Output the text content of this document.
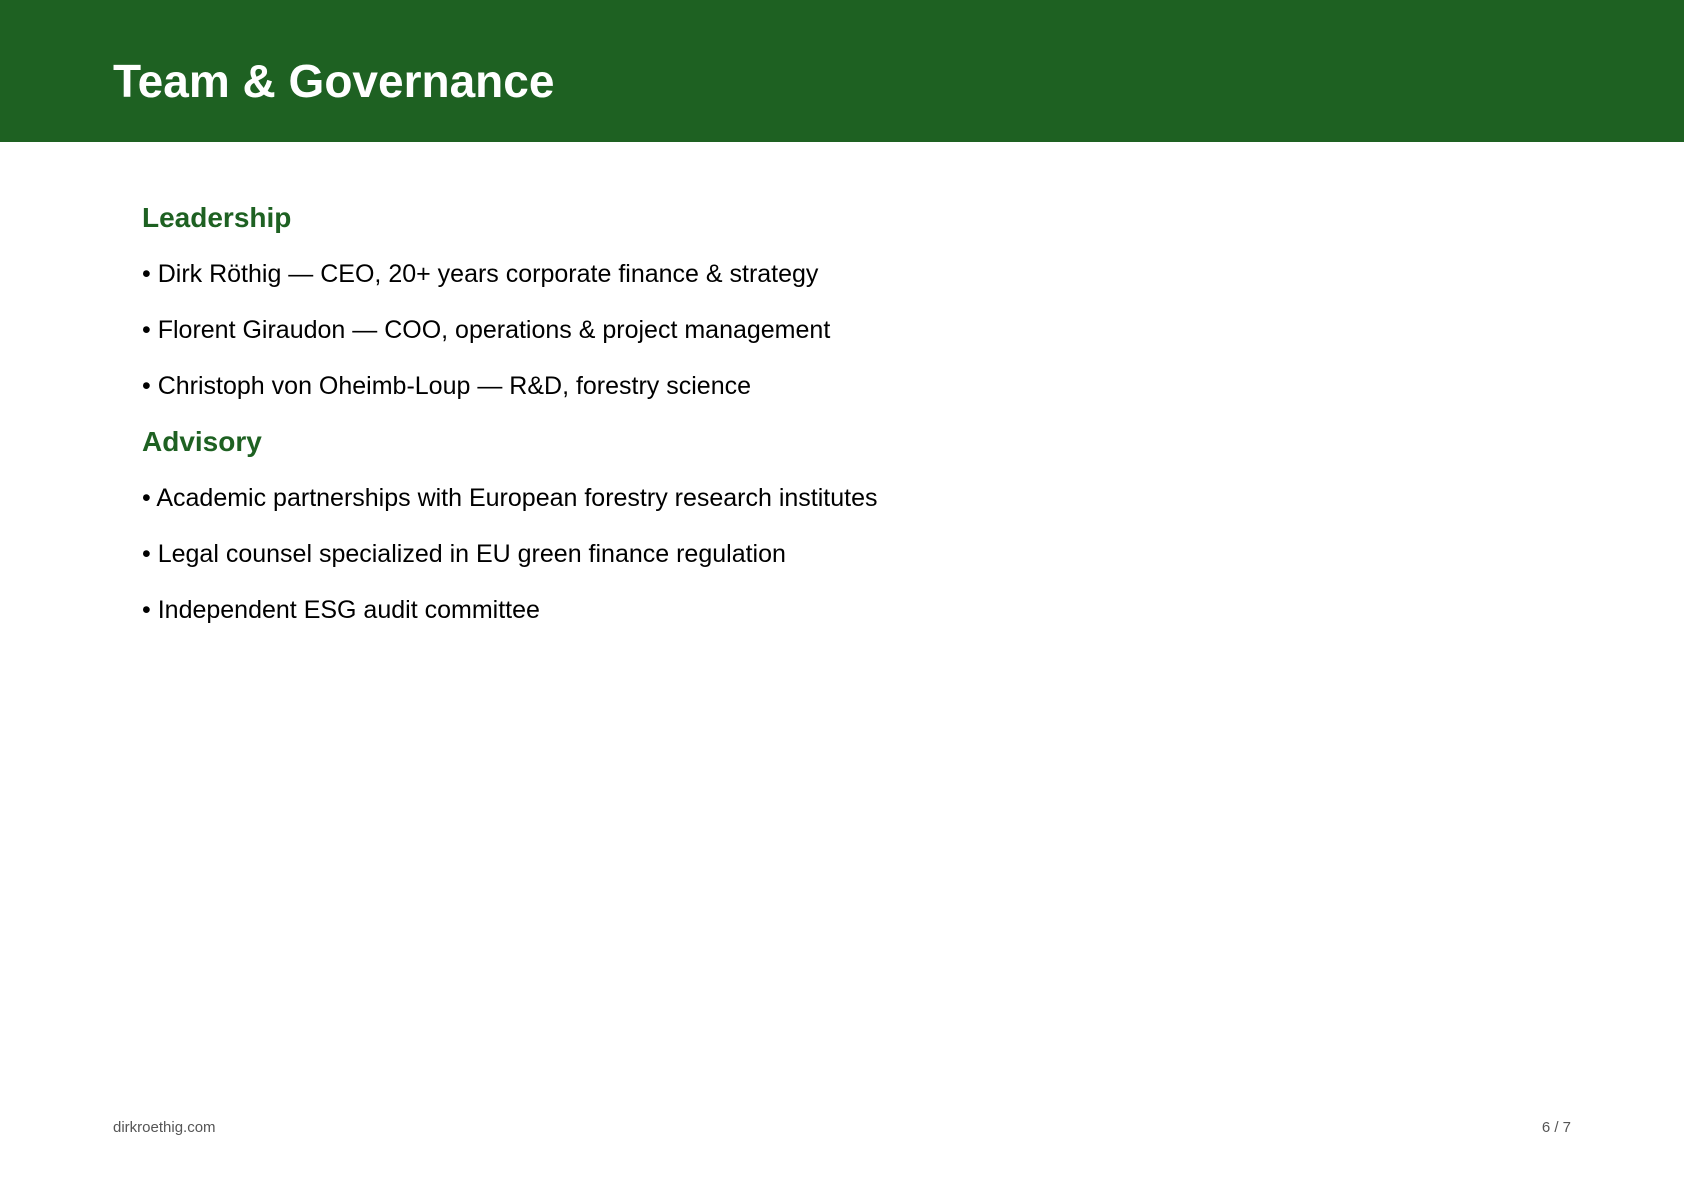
Team & Governance
Leadership
• Dirk Röthig — CEO, 20+ years corporate finance & strategy
• Florent Giraudon — COO, operations & project management
• Christoph von Oheimb-Loup — R&D, forestry science
Advisory
• Academic partnerships with European forestry research institutes
• Legal counsel specialized in EU green finance regulation
• Independent ESG audit committee
dirkroethig.com	6 / 7
